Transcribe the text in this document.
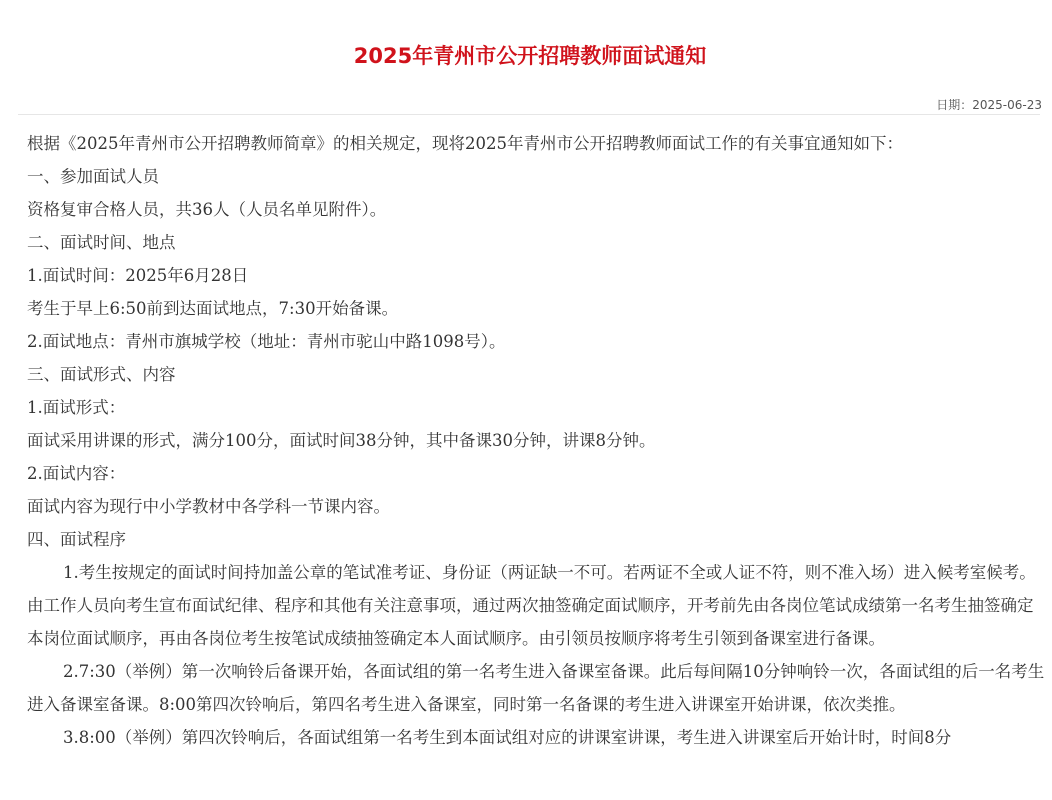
2025年青州市公开招聘教师面试通知
日期：2025-06-23

根据《2025年青州市公开招聘教师简章》的相关规定，现将2025年青州市公开招聘教师面试工作的有关事宜通知如下：

一、参加面试人员

资格复审合格人员，共36人（人员名单见附件）。

二、面试时间、地点

1.面试时间：2025年6月28日

考生于早上6:50前到达面试地点，7:30开始备课。

2.面试地点：青州市旗城学校（地址：青州市驼山中路1098号）。

三、面试形式、内容

1.面试形式：

面试采用讲课的形式，满分100分，面试时间38分钟，其中备课30分钟，讲课8分钟。

2.面试内容：

面试内容为现行中小学教材中各学科一节课内容。

四、面试程序

1.考生按规定的面试时间持加盖公章的笔试准考证、身份证（两证缺一不可。若两证不全或人证不符，则不准入场）进入候考室候考。由工作人员向考生宣布面试纪律、程序和其他有关注意事项，通过两次抽签确定面试顺序，开考前先由各岗位笔试成绩第一名考生抽签确定本岗位面试顺序，再由各岗位考生按笔试成绩抽签确定本人面试顺序。由引领员按顺序将考生引领到备课室进行备课。

2.7:30（举例）第一次响铃后备课开始，各面试组的第一名考生进入备课室备课。此后每间隔10分钟响铃一次，各面试组的后一名考生进入备课室备课。8:00第四次铃响后，第四名考生进入备课室，同时第一名备课的考生进入讲课室开始讲课，依次类推。

3.8:00（举例）第四次铃响后，各面试组第一名考生到本面试组对应的讲课室讲课，考生进入讲课室后开始计时，时间8分
